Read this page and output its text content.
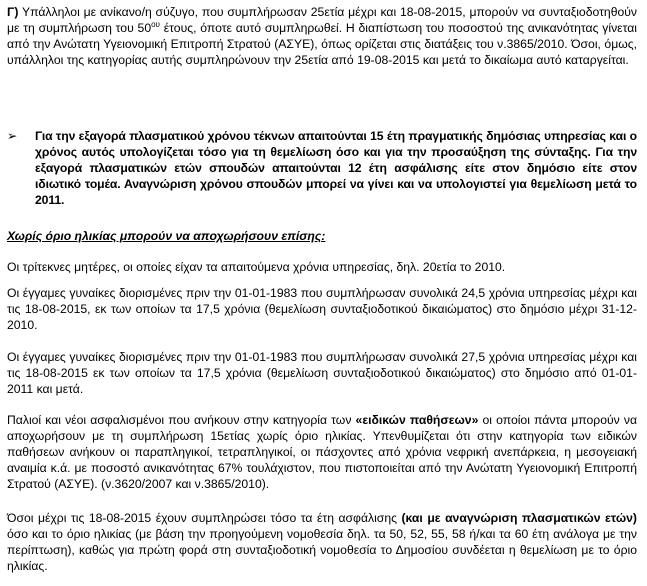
Γ) Υπάλληλοι με ανίκανο/η σύζυγο, που συμπλήρωσαν 25ετία μέχρι και 18-08-2015, μπορούν να συνταξιοδοτηθούν με τη συμπλήρωση του $50^{o\upsilon}$ έτους, όποτε αυτό συμπληρωθεί. Η διαπίστωση του ποσοστού της ανικανότητας γίνεται από την Ανώτατη Υγειονομική Επιτροπή Στρατού (ΑΣΥΕ), όπως ορίζεται στις διατάξεις του ν.3865/2010. Όσοι, όμως, υπάλληλοι της κατηγορίας αυτής συμπληρώνουν την 25ετία από 19-08-2015 και μετά το δικαίωμα αυτό καταργείται.

➢	Για την εξαγορά πλασματικού χρόνου τέκνων απαιτούνται 15 έτη πραγματικής δημόσιας υπηρεσίας και ο χρόνος αυτός υπολογίζεται τόσο για τη θεμελίωση όσο και για την προσαύξηση της σύνταξης. Για την εξαγορά πλασματικών ετών σπουδών απαιτούνται 12 έτη ασφάλισης είτε στον δημόσιο είτε στον ιδιωτικό τομέα. Αναγνώριση χρόνου σπουδών μπορεί να γίνει και να υπολογιστεί για θεμελίωση μετά το 2011.

Χωρίς όριο ηλικίας μπορούν να αποχωρήσουν επίσης:

Οι τρίτεκνες μητέρες, οι οποίες είχαν τα απαιτούμενα χρόνια υπηρεσίας, δηλ. 20ετία το 2010.

Οι έγγαμες γυναίκες διορισμένες πριν την 01-01-1983 που συμπλήρωσαν συνολικά 24,5 χρόνια υπηρεσίας μέχρι και τις 18-08-2015, εκ των οποίων τα 17,5 χρόνια (θεμελίωση συνταξιοδοτικού δικαιώματος) στο δημόσιο μέχρι 31-12-2010.

Οι έγγαμες γυναίκες διορισμένες πριν την 01-01-1983 που συμπλήρωσαν συνολικά 27,5 χρόνια υπηρεσίας μέχρι και τις 18-08-2015 εκ των οποίων τα 17,5 χρόνια (θεμελίωση συνταξιοδοτικού δικαιώματος) στο δημόσιο από 01-01-2011 και μετά.

Παλιοί και νέοι ασφαλισμένοι που ανήκουν στην κατηγορία των «ειδικών παθήσεων» οι οποίοι πάντα μπορούν να αποχωρήσουν με τη συμπλήρωση 15ετίας χωρίς όριο ηλικίας. Υπενθυμίζεται ότι στην κατηγορία των ειδικών παθήσεων ανήκουν οι παραπληγικοί, τετραπληγικοί, οι πάσχοντες από χρόνια νεφρική ανεπάρκεια, η μεσογειακή αναιμία κ.ά. με ποσοστό ανικανότητας 67% τουλάχιστον, που πιστοποιείται από την Ανώτατη Υγειονομική Επιτροπή Στρατού (ΑΣΥΕ). (ν.3620/2007 και ν.3865/2010).

Όσοι μέχρι τις 18-08-2015 έχουν συμπληρώσει τόσο τα έτη ασφάλισης (και με αναγνώριση πλασματικών ετών) όσο και το όριο ηλικίας (με βάση την προηγούμενη νομοθεσία δηλ. τα 50, 52, 55, 58 ή/και τα 60 έτη ανάλογα με την περίπτωση), καθώς για πρώτη φορά στη συνταξιοδοτική νομοθεσία το Δημοσίου συνδέεται η θεμελίωση με το όριο ηλικίας.
